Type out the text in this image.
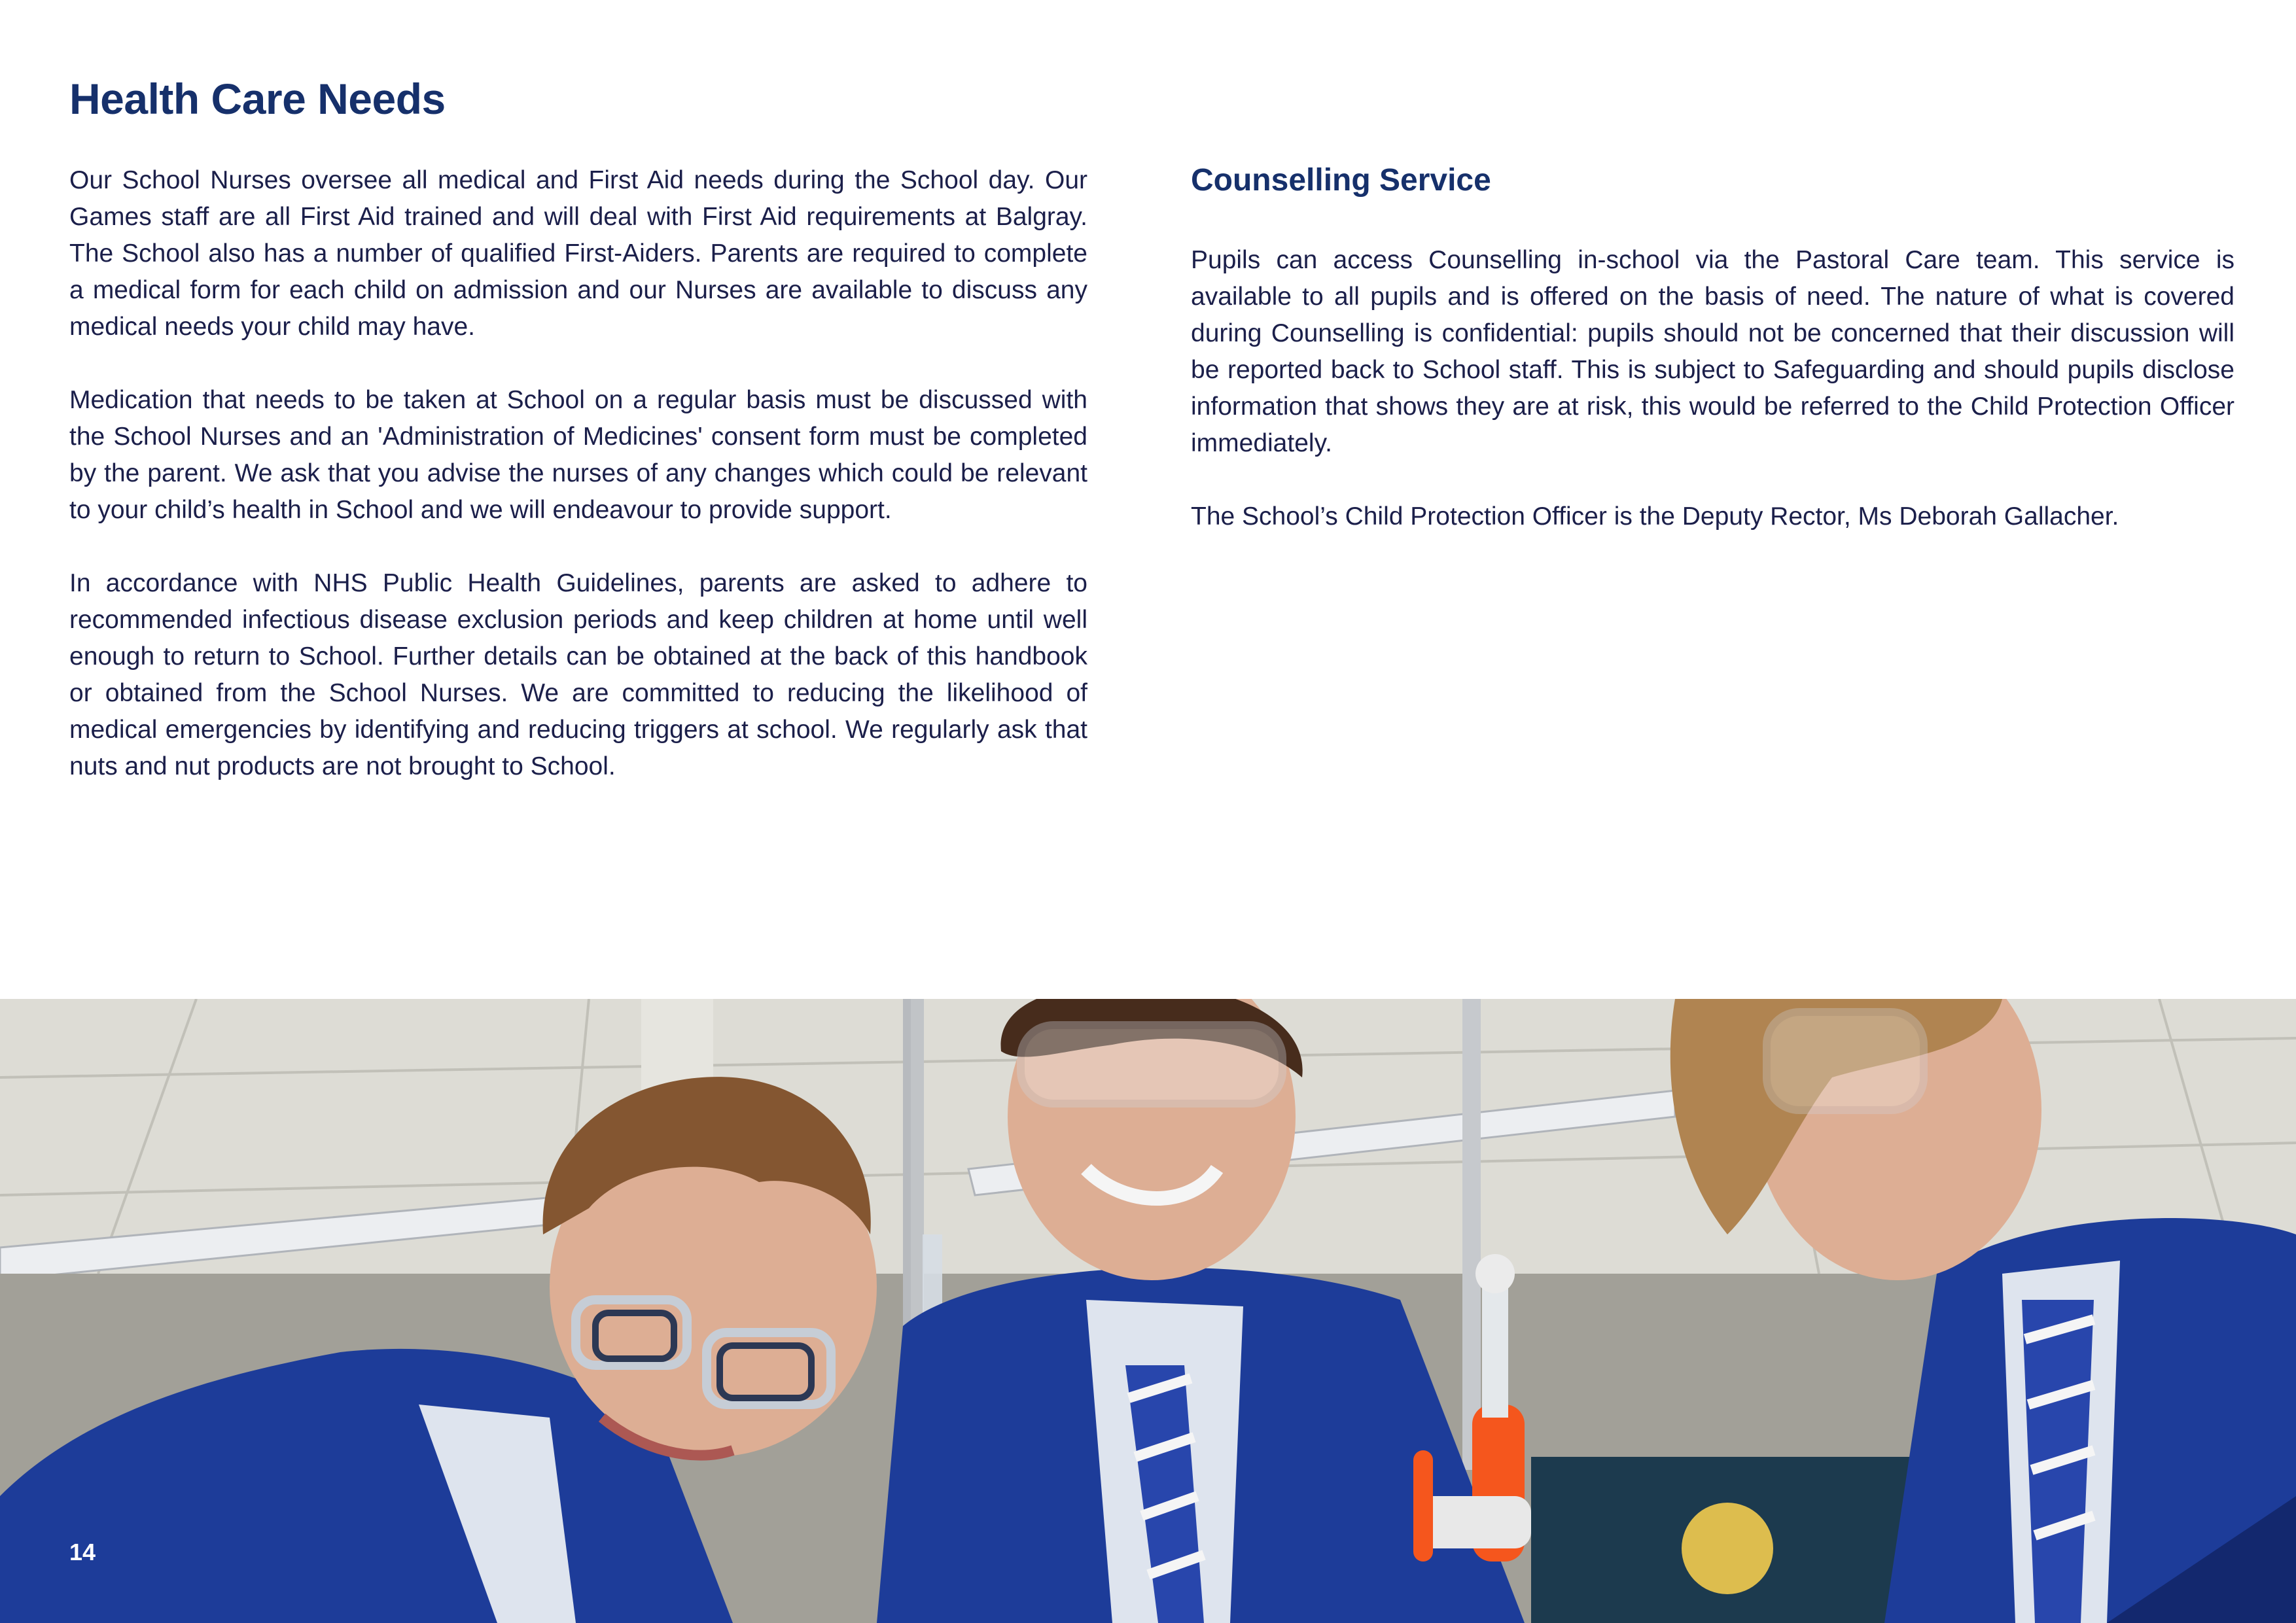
Health Care Needs

Our School Nurses oversee all medical and First Aid needs during the School day. Our Games staff are all First Aid trained and will deal with First Aid requirements at Balgray. The School also has a number of qualified First-Aiders. Parents are required to complete a medical form for each child on admission and our Nurses are available to discuss any medical needs your child may have.

Medication that needs to be taken at School on a regular basis must be discussed with the School Nurses and an 'Administration of Medicines' consent form must be completed by the parent. We ask that you advise the nurses of any changes which could be relevant to your child’s health in School and we will endeavour to provide support.

In accordance with NHS Public Health Guidelines, parents are asked to adhere to recommended infectious disease exclusion periods and keep children at home until well enough to return to School. Further details can be obtained at the back of this handbook or obtained from the School Nurses. We are committed to reducing the likelihood of medical emergencies by identifying and reducing triggers at school. We regularly ask that nuts and nut products are not brought to School.

Counselling Service

Pupils can access Counselling in-school via the Pastoral Care team. This service is available to all pupils and is offered on the basis of need. The nature of what is covered during Counselling is confidential: pupils should not be concerned that their discussion will be reported back to School staff. This is subject to Safeguarding and should pupils disclose information that shows they are at risk, this would be referred to the Child Protection Officer immediately.

The School’s Child Protection Officer is the Deputy Rector, Ms Deborah Gallacher.

14
